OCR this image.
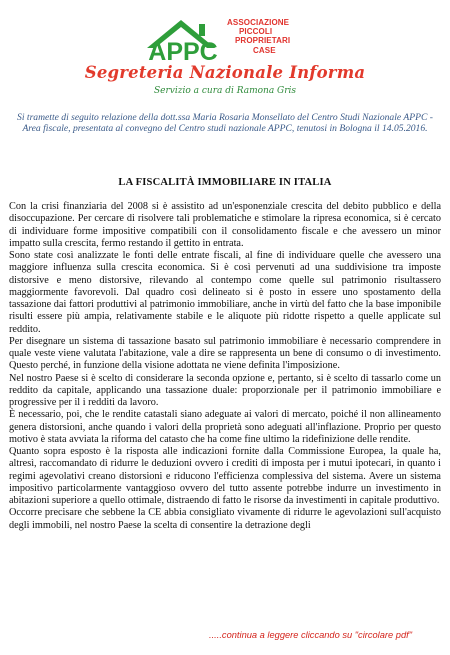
APPC
ASSOCIAZIONE
PICCOLI
PROPRIETARI
CASE
Segreteria Nazionale Informa
Servizio a cura di Ramona Gris
Si tramette di seguito relazione della dott.ssa Maria Rosaria Monsellato del Centro Studi Nazionale APPC - Area fiscale, presentata al convegno del Centro studi nazionale APPC, tenutosi in Bologna il 14.05.2016.
LA FISCALITÀ IMMOBILIARE IN ITALIA

Con la crisi finanziaria del 2008 si è assistito ad un'esponenziale crescita del debito pubblico e della disoccupazione. Per cercare di risolvere tali problematiche e stimolare la ripresa economica, si è cercato di individuare forme impositive compatibili con il consolidamento fiscale e che avessero un minor impatto sulla crescita, fermo restando il gettito in entrata.

Sono state così analizzate le fonti delle entrate fiscali, al fine di individuare quelle che avessero una maggiore influenza sulla crescita economica. Si è così pervenuti ad una suddivisione tra imposte distorsive e meno distorsive, rilevando al contempo come quelle sul patrimonio risultassero maggiormente favorevoli. Dal quadro così delineato si è posto in essere uno spostamento della tassazione dai fattori produttivi al patrimonio immobiliare, anche in virtù del fatto che la base imponibile risulti essere più ampia, relativamente stabile e le aliquote più ridotte rispetto a quelle applicate sul reddito.

Per disegnare un sistema di tassazione basato sul patrimonio immobiliare è necessario comprendere in quale veste viene valutata l'abitazione, vale a dire se rappresenta un bene di consumo o di investimento. Questo perché, in funzione della visione adottata ne viene definita l'imposizione.

Nel nostro Paese si è scelto di considerare la seconda opzione e, pertanto, si è scelto di tassarlo come un reddito da capitale, applicando una tassazione duale: proporzionale per il patrimonio immobiliare e progressive per il i redditi da lavoro.

È necessario, poi, che le rendite catastali siano adeguate ai valori di mercato, poiché il non allineamento genera distorsioni, anche quando i valori della proprietà sono adeguati all'inflazione. Proprio per questo motivo è stata avviata la riforma del catasto che ha come fine ultimo la ridefinizione delle rendite.

Quanto sopra esposto è la risposta alle indicazioni fornite dalla Commissione Europea, la quale ha, altresì, raccomandato di ridurre le deduzioni ovvero i crediti di imposta per i mutui ipotecari, in quanto i regimi agevolativi creano distorsioni e riducono l'efficienza complessiva del sistema. Avere un sistema impositivo particolarmente vantaggioso ovvero del tutto assente potrebbe indurre un investimento in abitazioni superiore a quello ottimale, distraendo di fatto le risorse da investimenti in capitale produttivo.

Occorre precisare che sebbene la CE abbia consigliato vivamente di ridurre le agevolazioni sull'acquisto degli immobili, nel nostro Paese la scelta di consentire la detrazione degli

.....continua a leggere cliccando su "circolare pdf"
